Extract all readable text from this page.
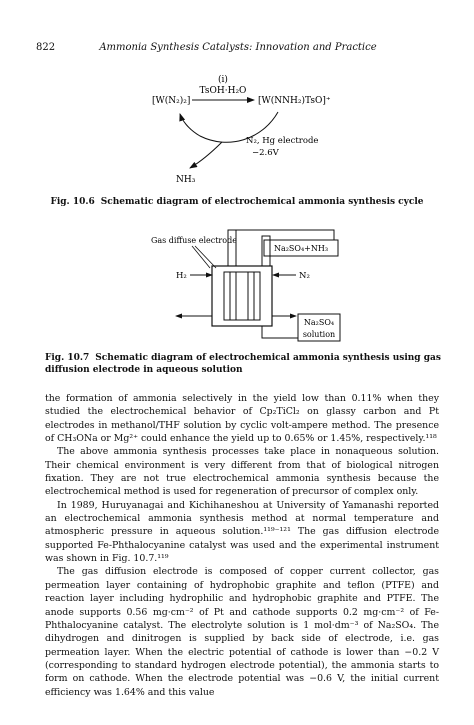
822	Ammonia Synthesis Catalysts: Innovation and Practice
(i)
TsOH·H₂O
[W(N₂)₂]	[W(NNH₂)TsO]⁺
N₂, Hg electrode
−2.6V
NH₃
Fig. 10.6 Schematic diagram of electrochemical ammonia synthesis cycle
Gas diffuse electrode
Na₂SO₄+NH₃
H₂	N₂
Na₂SO₄
solution
Fig. 10.7 Schematic diagram of electrochemical ammonia synthesis using gas diffusion electrode in aqueous solution

the formation of ammonia selectively in the yield low than 0.11% when they studied the electrochemical behavior of Cp₂TiCl₂ on glassy carbon and Pt electrodes in methanol/THF solution by cyclic volt-ampere method. The presence of CH₃ONa or Mg²⁺ could enhance the yield up to 0.65% or 1.45%, respectively.¹¹⁸

The above ammonia synthesis processes take place in nonaqueous solution. Their chemical environment is very different from that of biological nitrogen fixation. They are not true electrochemical ammonia synthesis because the electrochemical method is used for regeneration of precursor of complex only.

In 1989, Huruyanagai and Kichihaneshou at University of Yamanashi reported an electrochemical ammonia synthesis method at normal temperature and atmospheric pressure in aqueous solution.¹¹⁹⁻¹²¹ The gas diffusion electrode supported Fe-Phthalocyanine catalyst was used and the experimental instrument was shown in Fig. 10.7.¹¹⁹

The gas diffusion electrode is composed of copper current collector, gas permeation layer containing of hydrophobic graphite and teflon (PTFE) and reaction layer including hydrophilic and hydrophobic graphite and PTFE. The anode supports 0.56 mg·cm⁻² of Pt and cathode supports 0.2 mg·cm⁻² of Fe-Phthalocyanine catalyst. The electrolyte solution is 1 mol·dm⁻³ of Na₂SO₄. The dihydrogen and dinitrogen is supplied by back side of electrode, i.e. gas permeation layer. When the electric potential of cathode is lower than −0.2 V (corresponding to standard hydrogen electrode potential), the ammonia starts to form on cathode. When the electrode potential was −0.6 V, the initial current efficiency was 1.64% and this value
